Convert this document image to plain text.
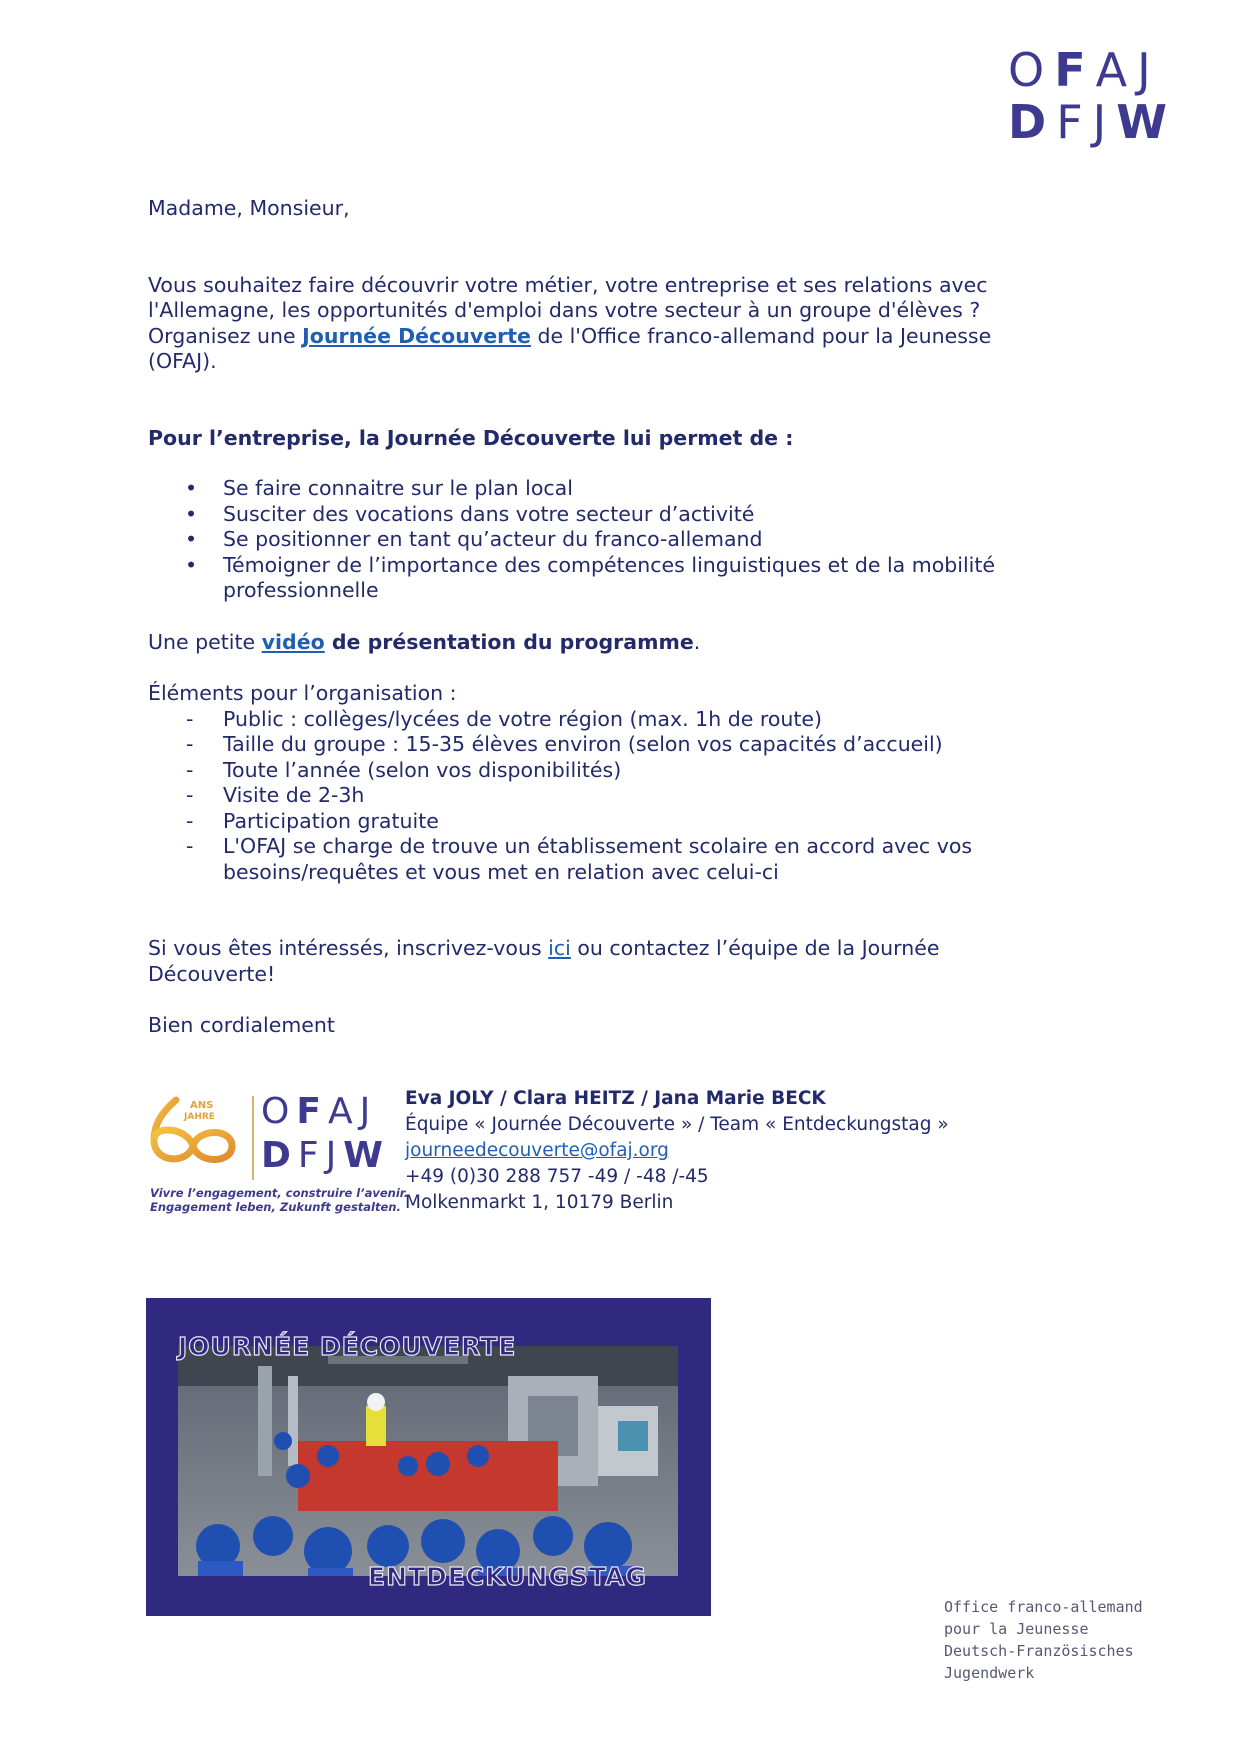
OFAJ
DFJW

Madame, Monsieur,

Vous souhaitez faire découvrir votre métier, votre entreprise et ses relations avec l'Allemagne, les opportunités d'emploi dans votre secteur à un groupe d'élèves ? Organisez une Journée Découverte de l'Office franco-allemand pour la Jeunesse (OFAJ).

Pour l’entreprise, la Journée Découverte lui permet de :

• Se faire connaitre sur le plan local
• Susciter des vocations dans votre secteur d’activité
• Se positionner en tant qu’acteur du franco-allemand
• Témoigner de l’importance des compétences linguistiques et de la mobilité professionnelle

Une petite vidéo de présentation du programme.

Éléments pour l’organisation :

- Public : collèges/lycées de votre région (max. 1h de route)
- Taille du groupe : 15-35 élèves environ (selon vos capacités d’accueil)
- Toute l’année (selon vos disponibilités)
- Visite de 2-3h
- Participation gratuite
- L'OFAJ se charge de trouve un établissement scolaire en accord avec vos besoins/requêtes et vous met en relation avec celui-ci

Si vous êtes intéressés, inscrivez-vous ici ou contactez l’équipe de la Journée Découverte!

Bien cordialement

ANS
JAHRE OFAJ
DFJW
Vivre l’engagement, construire l’avenir.
Engagement leben, Zukunft gestalten.
Eva JOLY / Clara HEITZ / Jana Marie BECK
Équipe « Journée Découverte » / Team « Entdeckungstag »
journeedecouverte@ofaj.org
+49 (0)30 288 757 -49 / -48 /-45
Molkenmarkt 1, 10179 Berlin
JOURNÉE DÉCOUVERTE
ENTDECKUNGSTAG
Office franco-allemand
pour la Jeunesse
Deutsch-Französisches
Jugendwerk
